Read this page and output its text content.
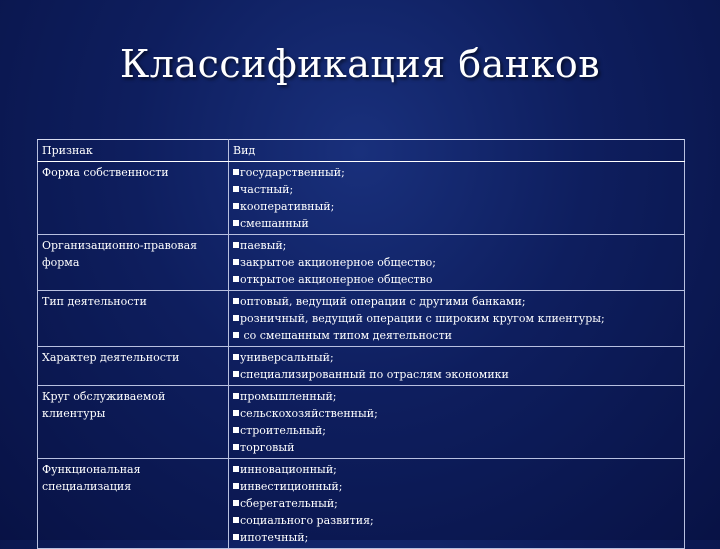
Классификация банков
Признак	Вид
Форма собственности	государственный;
частный;
кооперативный;
смешанный

Организационно-правовая форма	паевый;
закрытое акционерное общество;
открытое акционерное общество

Тип деятельности	оптовый, ведущий операции с другими банками;
розничный, ведущий операции с широким кругом клиентуры;
со смешанным типом деятельности

Характер деятельности	универсальный;
специализированный по отраслям экономики

Круг обслуживаемой клиентуры	промышленный;
сельскохозяйственный;
строительный;
торговый

Функциональная специализация	инновационный;
инвестиционный;
сберегательный;
социального развития;
ипотечный;
